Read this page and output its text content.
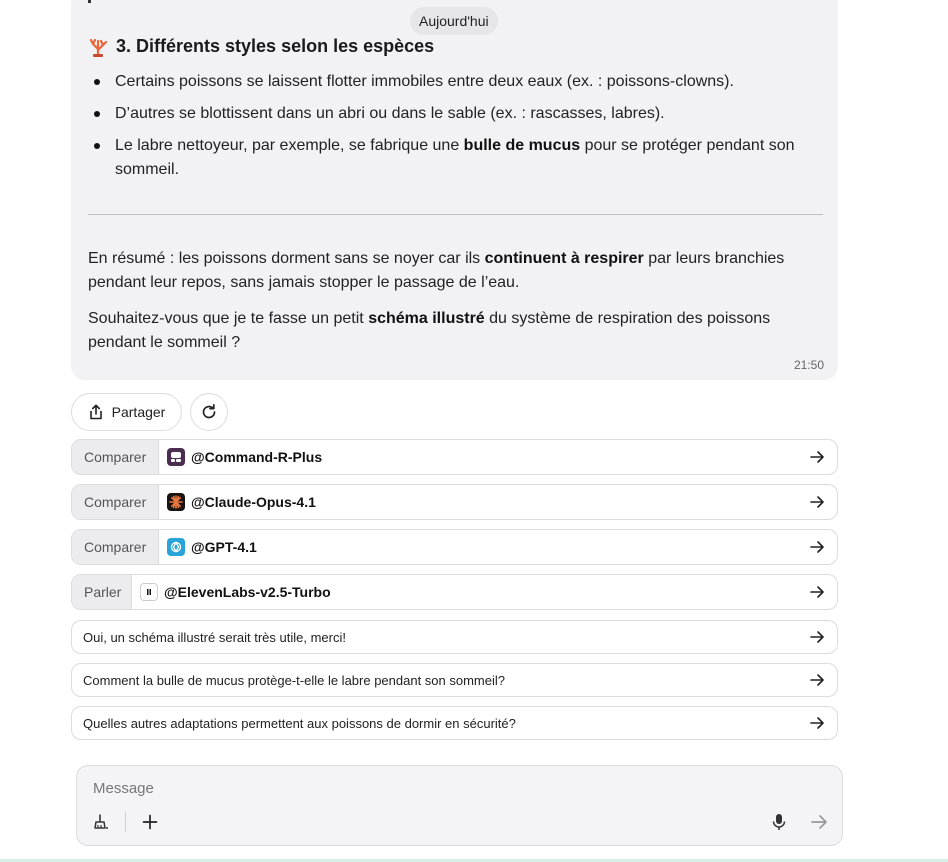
Aujourd'hui
3. Différents styles selon les espèces
Certains poissons se laissent flotter immobiles entre deux eaux (ex. : poissons-clowns).
D’autres se blottissent dans un abri ou dans le sable (ex. : rascasses, labres).
Le labre nettoyeur, par exemple, se fabrique une bulle de mucus pour se protéger pendant son sommeil.

En résumé : les poissons dorment sans se noyer car ils continuent à respirer par leurs branchies pendant leur repos, sans jamais stopper le passage de l’eau.

Souhaitez-vous que je te fasse un petit schéma illustré du système de respiration des poissons pendant le sommeil ?

21:50
Partager
Comparer	@Command-R-Plus
Comparer	@Claude-Opus-4.1
Comparer	@GPT-4.1
Parler	@ElevenLabs-v2.5-Turbo
Oui, un schéma illustré serait très utile, merci!
Comment la bulle de mucus protège-t-elle le labre pendant son sommeil?
Quelles autres adaptations permettent aux poissons de dormir en sécurité?
Message
